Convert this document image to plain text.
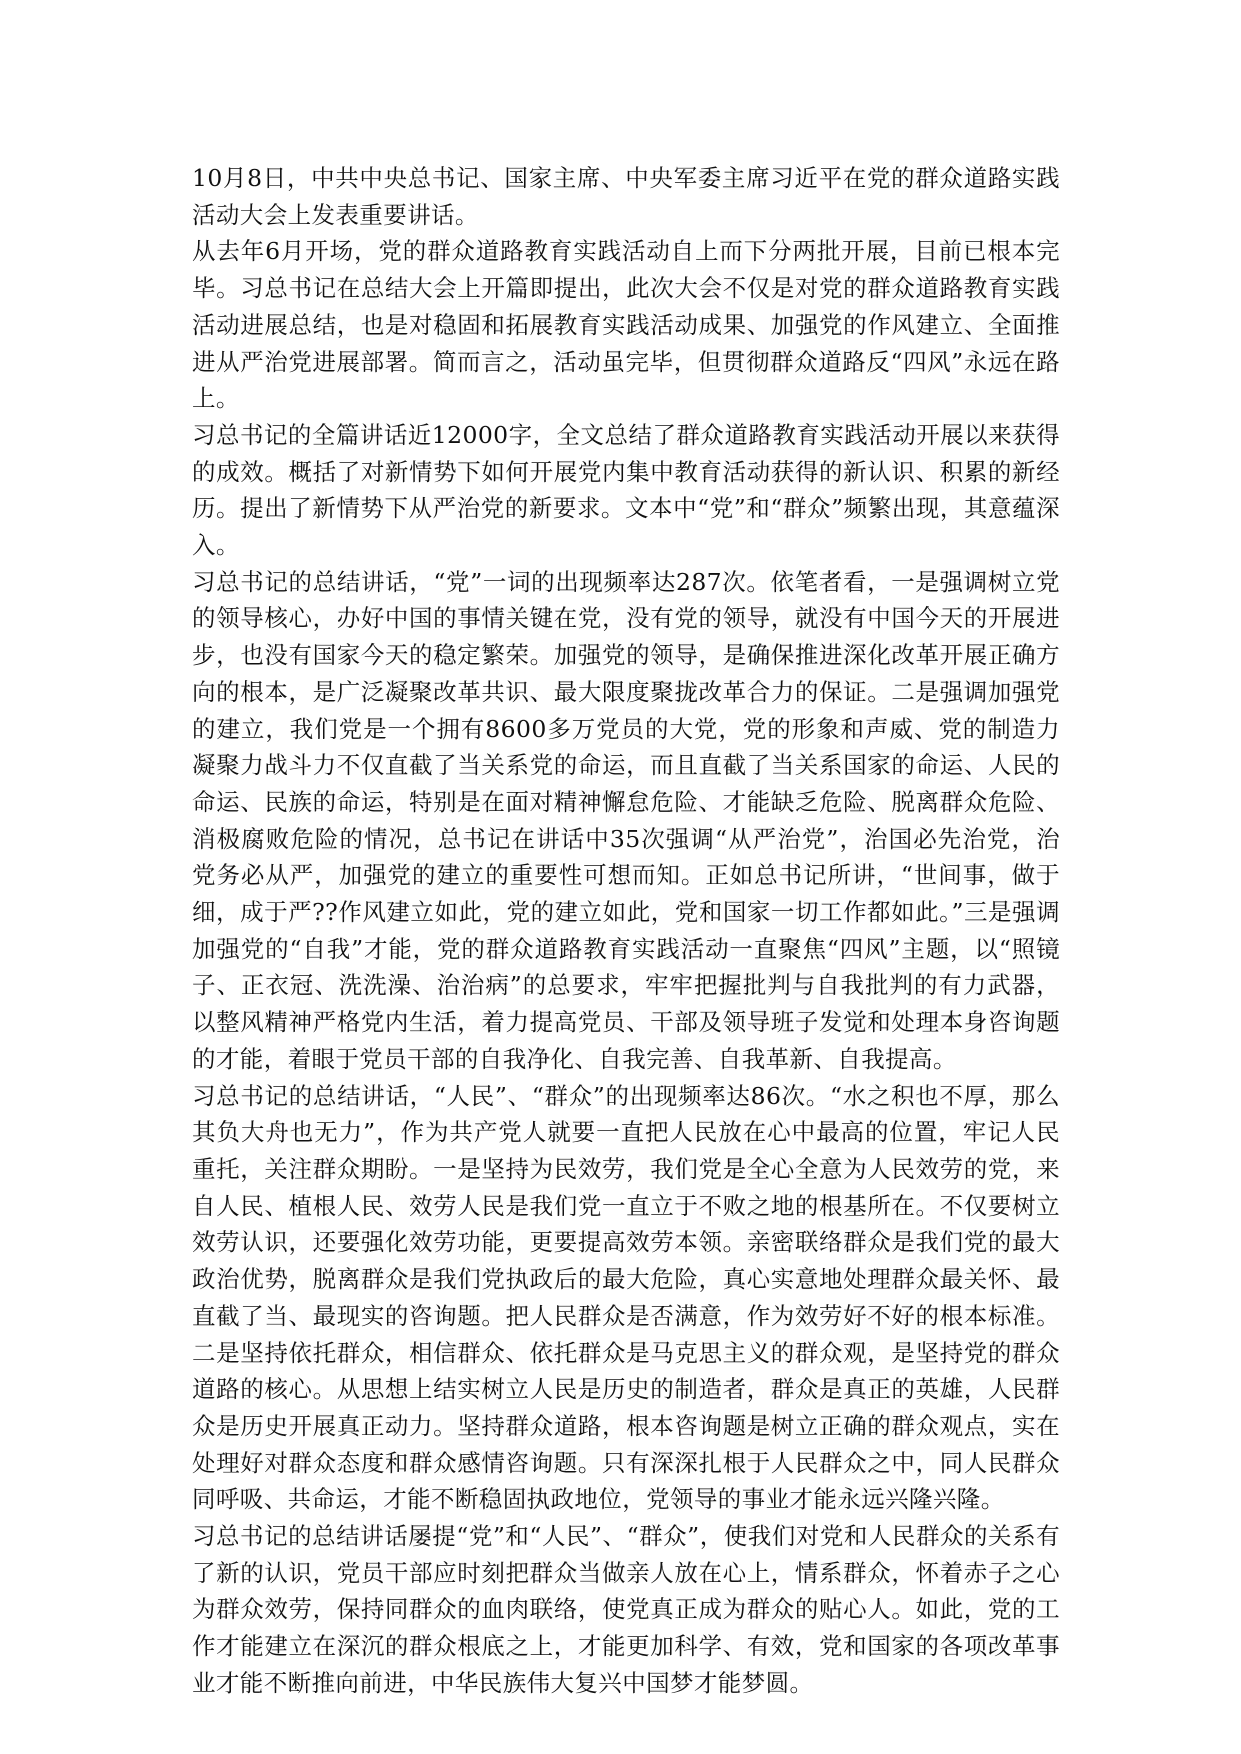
10月8日，中共中央总书记、国家主席、中央军委主席习近平在党的群众道路实践活动大会上发表重要讲话。

从去年6月开场，党的群众道路教育实践活动自上而下分两批开展，目前已根本完毕。习总书记在总结大会上开篇即提出，此次大会不仅是对党的群众道路教育实践活动进展总结，也是对稳固和拓展教育实践活动成果、加强党的作风建立、全面推进从严治党进展部署。简而言之，活动虽完毕，但贯彻群众道路反“四风”永远在路上。

习总书记的全篇讲话近12000字，全文总结了群众道路教育实践活动开展以来获得的成效。概括了对新情势下如何开展党内集中教育活动获得的新认识、积累的新经历。提出了新情势下从严治党的新要求。文本中“党”和“群众”频繁出现，其意蕴深入。

习总书记的总结讲话，“党”一词的出现频率达287次。依笔者看，一是强调树立党的领导核心，办好中国的事情关键在党，没有党的领导，就没有中国今天的开展进步，也没有国家今天的稳定繁荣。加强党的领导，是确保推进深化改革开展正确方向的根本，是广泛凝聚改革共识、最大限度聚拢改革合力的保证。二是强调加强党的建立，我们党是一个拥有8600多万党员的大党，党的形象和声威、党的制造力凝聚力战斗力不仅直截了当关系党的命运，而且直截了当关系国家的命运、人民的命运、民族的命运，特别是在面对精神懈怠危险、才能缺乏危险、脱离群众危险、消极腐败危险的情况，总书记在讲话中35次强调“从严治党”，治国必先治党，治党务必从严，加强党的建立的重要性可想而知。正如总书记所讲，“世间事，做于细，成于严??作风建立如此，党的建立如此，党和国家一切工作都如此。”三是强调加强党的“自我”才能，党的群众道路教育实践活动一直聚焦“四风”主题，以“照镜子、正衣冠、洗洗澡、治治病”的总要求，牢牢把握批判与自我批判的有力武器，以整风精神严格党内生活，着力提高党员、干部及领导班子发觉和处理本身咨询题的才能，着眼于党员干部的自我净化、自我完善、自我革新、自我提高。

习总书记的总结讲话，“人民”、“群众”的出现频率达86次。“水之积也不厚，那么其负大舟也无力”，作为共产党人就要一直把人民放在心中最高的位置，牢记人民重托，关注群众期盼。一是坚持为民效劳，我们党是全心全意为人民效劳的党，来自人民、植根人民、效劳人民是我们党一直立于不败之地的根基所在。不仅要树立效劳认识，还要强化效劳功能，更要提高效劳本领。亲密联络群众是我们党的最大政治优势，脱离群众是我们党执政后的最大危险，真心实意地处理群众最关怀、最直截了当、最现实的咨询题。把人民群众是否满意，作为效劳好不好的根本标准。二是坚持依托群众，相信群众、依托群众是马克思主义的群众观，是坚持党的群众道路的核心。从思想上结实树立人民是历史的制造者，群众是真正的英雄，人民群众是历史开展真正动力。坚持群众道路，根本咨询题是树立正确的群众观点，实在处理好对群众态度和群众感情咨询题。只有深深扎根于人民群众之中，同人民群众同呼吸、共命运，才能不断稳固执政地位，党领导的事业才能永远兴隆兴隆。

习总书记的总结讲话屡提“党”和“人民”、“群众”，使我们对党和人民群众的关系有了新的认识，党员干部应时刻把群众当做亲人放在心上，情系群众，怀着赤子之心为群众效劳，保持同群众的血肉联络，使党真正成为群众的贴心人。如此，党的工作才能建立在深沉的群众根底之上，才能更加科学、有效，党和国家的各项改革事业才能不断推向前进，中华民族伟大复兴中国梦才能梦圆。
